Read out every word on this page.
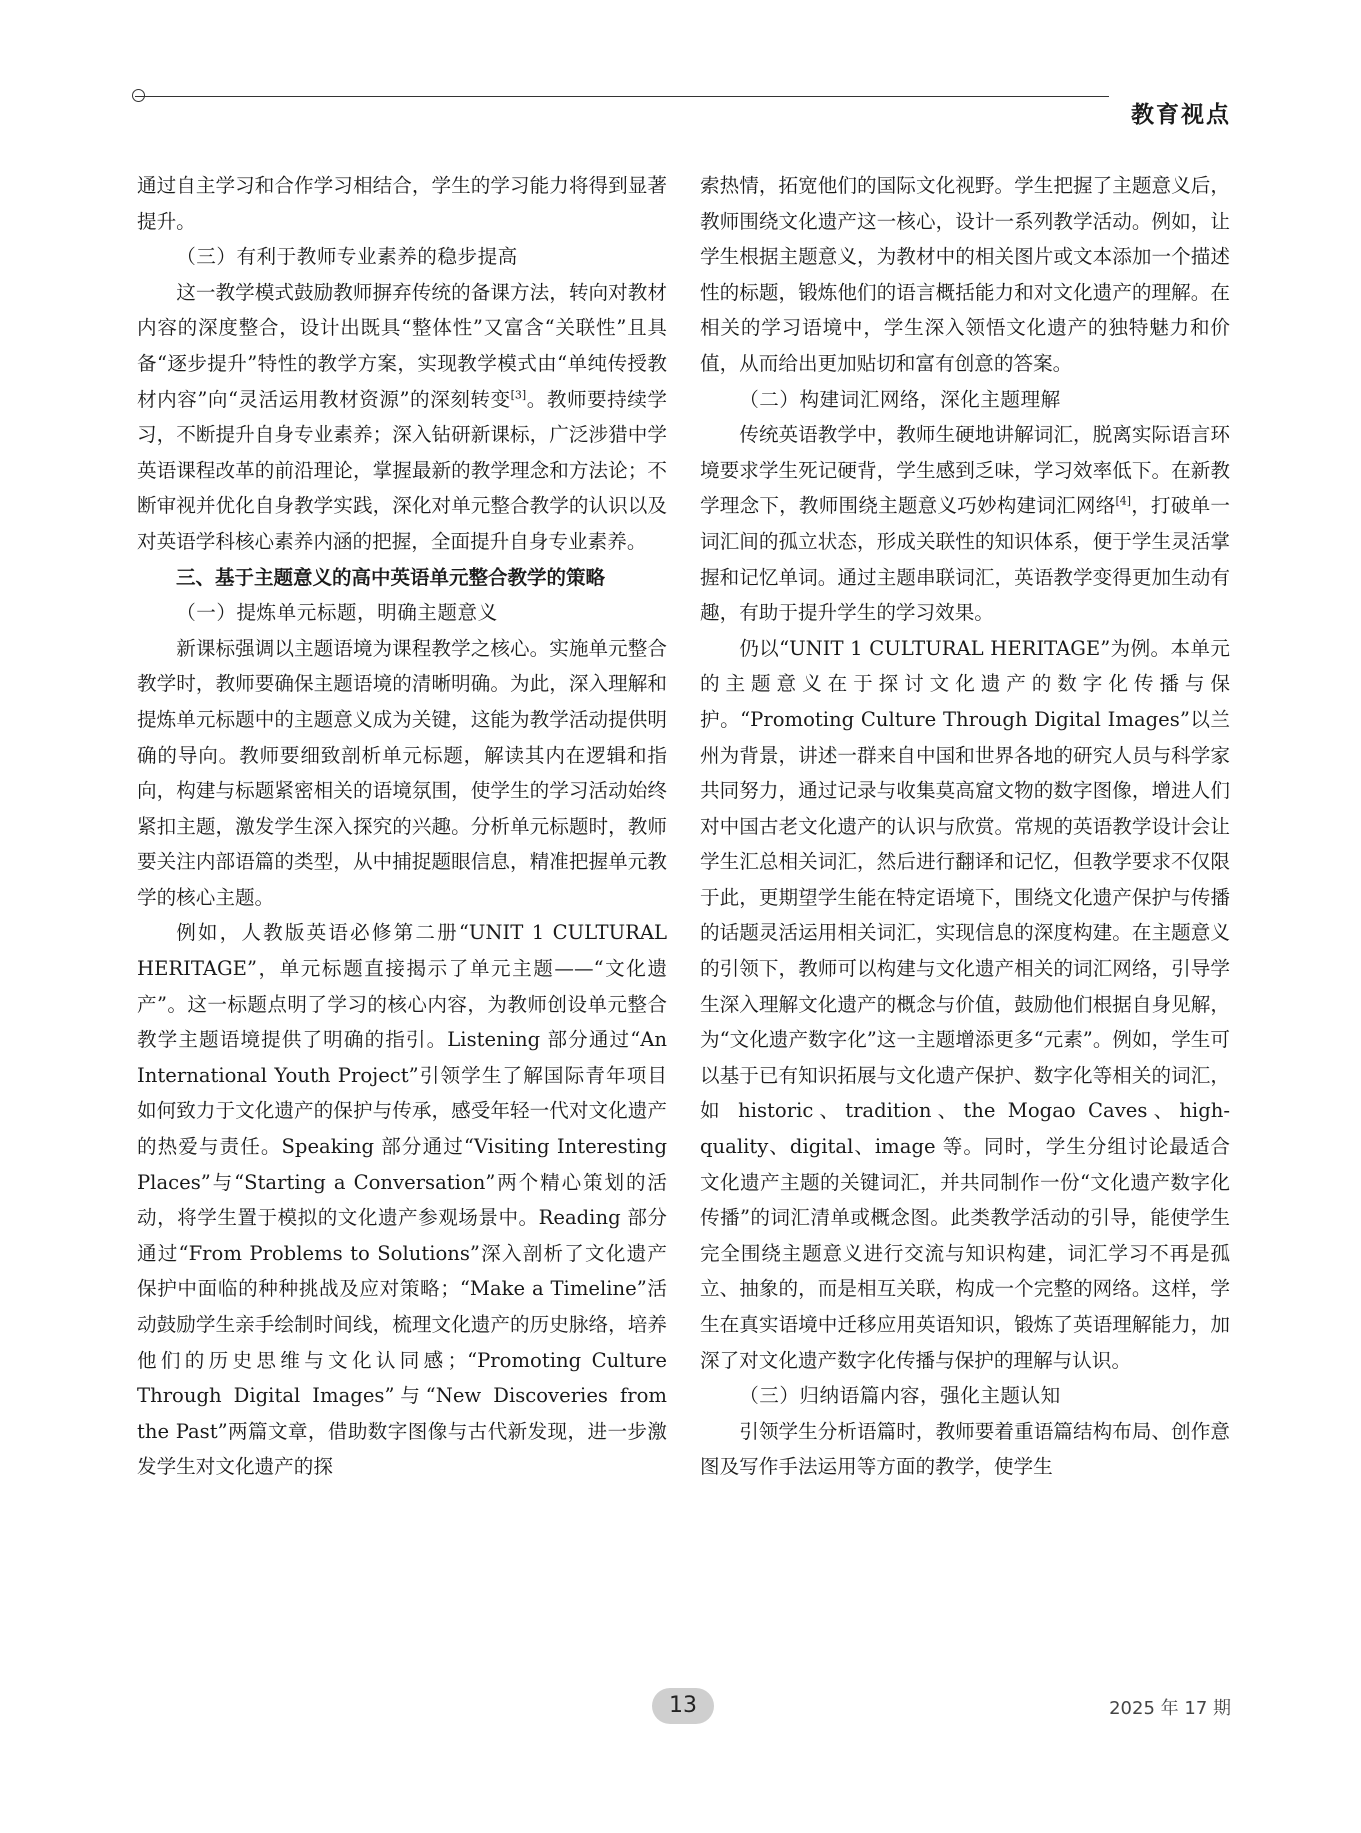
教育视点

通过自主学习和合作学习相结合，学生的学习能力将得到显著提升。

（三）有利于教师专业素养的稳步提高

这一教学模式鼓励教师摒弃传统的备课方法，转向对教材内容的深度整合，设计出既具“整体性”又富含“关联性”且具备“逐步提升”特性的教学方案，实现教学模式由“单纯传授教材内容”向“灵活运用教材资源”的深刻转变[3]。教师要持续学习，不断提升自身专业素养；深入钻研新课标，广泛涉猎中学英语课程改革的前沿理论，掌握最新的教学理念和方法论；不断审视并优化自身教学实践，深化对单元整合教学的认识以及对英语学科核心素养内涵的把握，全面提升自身专业素养。

三、基于主题意义的高中英语单元整合教学的策略

（一）提炼单元标题，明确主题意义

新课标强调以主题语境为课程教学之核心。实施单元整合教学时，教师要确保主题语境的清晰明确。为此，深入理解和提炼单元标题中的主题意义成为关键，这能为教学活动提供明确的导向。教师要细致剖析单元标题，解读其内在逻辑和指向，构建与标题紧密相关的语境氛围，使学生的学习活动始终紧扣主题，激发学生深入探究的兴趣。分析单元标题时，教师要关注内部语篇的类型，从中捕捉题眼信息，精准把握单元教学的核心主题。

例如，人教版英语必修第二册“UNIT 1 CULTURAL HERITAGE”，单元标题直接揭示了单元主题——“文化遗产”。这一标题点明了学习的核心内容，为教师创设单元整合教学主题语境提供了明确的指引。Listening 部分通过“An International Youth Project”引领学生了解国际青年项目如何致力于文化遗产的保护与传承，感受年轻一代对文化遗产的热爱与责任。Speaking 部分通过“Visiting Interesting Places”与“Starting a Conversation”两个精心策划的活动，将学生置于模拟的文化遗产参观场景中。Reading 部分通过“From Problems to Solutions”深入剖析了文化遗产保护中面临的种种挑战及应对策略；“Make a Timeline”活动鼓励学生亲手绘制时间线，梳理文化遗产的历史脉络，培养他们的历史思维与文化认同感；“Promoting Culture Through Digital Images”与“New Discoveries from the Past”两篇文章，借助数字图像与古代新发现，进一步激发学生对文化遗产的探

索热情，拓宽他们的国际文化视野。学生把握了主题意义后，教师围绕文化遗产这一核心，设计一系列教学活动。例如，让学生根据主题意义，为教材中的相关图片或文本添加一个描述性的标题，锻炼他们的语言概括能力和对文化遗产的理解。在相关的学习语境中，学生深入领悟文化遗产的独特魅力和价值，从而给出更加贴切和富有创意的答案。

（二）构建词汇网络，深化主题理解

传统英语教学中，教师生硬地讲解词汇，脱离实际语言环境要求学生死记硬背，学生感到乏味，学习效率低下。在新教学理念下，教师围绕主题意义巧妙构建词汇网络[4]，打破单一词汇间的孤立状态，形成关联性的知识体系，便于学生灵活掌握和记忆单词。通过主题串联词汇，英语教学变得更加生动有趣，有助于提升学生的学习效果。

仍以“UNIT 1 CULTURAL HERITAGE”为例。本单元的主题意义在于探讨文化遗产的数字化传播与保护。“Promoting Culture Through Digital Images”以兰州为背景，讲述一群来自中国和世界各地的研究人员与科学家共同努力，通过记录与收集莫高窟文物的数字图像，增进人们对中国古老文化遗产的认识与欣赏。常规的英语教学设计会让学生汇总相关词汇，然后进行翻译和记忆，但教学要求不仅限于此，更期望学生能在特定语境下，围绕文化遗产保护与传播的话题灵活运用相关词汇，实现信息的深度构建。在主题意义的引领下，教师可以构建与文化遗产相关的词汇网络，引导学生深入理解文化遗产的概念与价值，鼓励他们根据自身见解，为“文化遗产数字化”这一主题增添更多“元素”。例如，学生可以基于已有知识拓展与文化遗产保护、数字化等相关的词汇，如 historic、tradition、the Mogao Caves、high-quality、digital、image 等。同时，学生分组讨论最适合文化遗产主题的关键词汇，并共同制作一份“文化遗产数字化传播”的词汇清单或概念图。此类教学活动的引导，能使学生完全围绕主题意义进行交流与知识构建，词汇学习不再是孤立、抽象的，而是相互关联，构成一个完整的网络。这样，学生在真实语境中迁移应用英语知识，锻炼了英语理解能力，加深了对文化遗产数字化传播与保护的理解与认识。

（三）归纳语篇内容，强化主题认知

引领学生分析语篇时，教师要着重语篇结构布局、创作意图及写作手法运用等方面的教学，使学生

13	2025 年 17 期
